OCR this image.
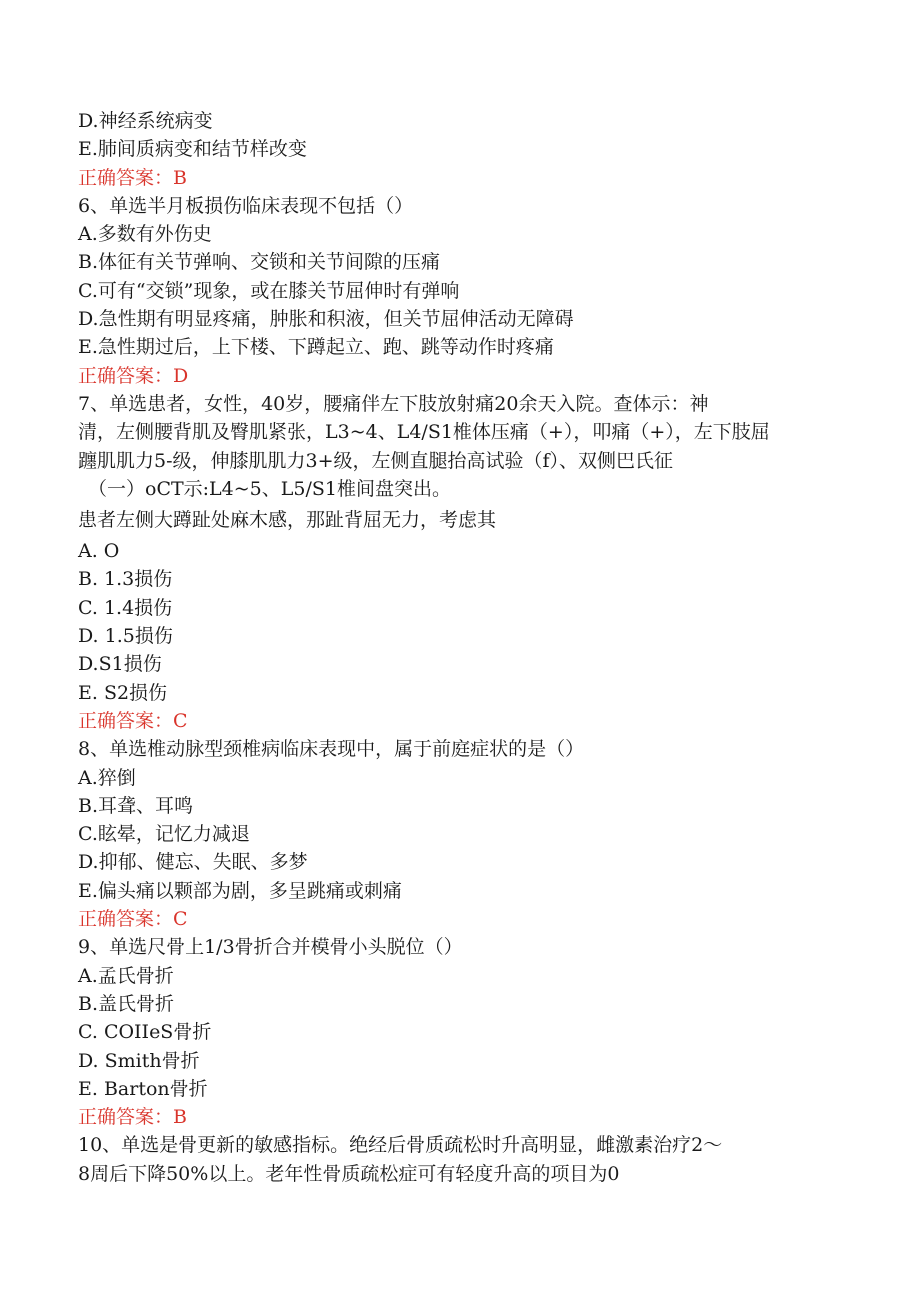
D.神经系统病变
E.肺间质病变和结节样改变
正确答案：B
6、单选半月板损伤临床表现不包括（）
A.多数有外伤史
B.体征有关节弹响、交锁和关节间隙的压痛
C.可有“交锁”现象，或在膝关节屈伸时有弹响
D.急性期有明显疼痛，肿胀和积液，但关节屈伸活动无障碍
E.急性期过后，上下楼、下蹲起立、跑、跳等动作时疼痛
正确答案：D
7、单选患者，女性，40岁，腰痛伴左下肢放射痛20余天入院。查体示：神
清，左侧腰背肌及臀肌紧张，L3~4、L4/S1椎体压痛（+），叩痛（+），左下肢屈
躔肌肌力5-级，伸膝肌肌力3+级，左侧直腿抬高试验（f）、双侧巴氏征
（一）oCT示:L4~5、L5/S1椎间盘突出。
患者左侧大蹲趾处麻木感，那趾背屈无力，考虑其
A. O
B. 1.3损伤
C. 1.4损伤
D. 1.5损伤
D.S1损伤
E. S2损伤
正确答案：C
8、单选椎动脉型颈椎病临床表现中，属于前庭症状的是（）
A.猝倒
B.耳聋、耳鸣
C.眩晕，记忆力减退
D.抑郁、健忘、失眠、多梦
E.偏头痛以颗部为剧，多呈跳痛或刺痛
正确答案：C
9、单选尺骨上1/3骨折合并模骨小头脱位（）
A.孟氏骨折
B.盖氏骨折
C. COIIeS骨折
D. Smith骨折
E. Barton骨折
正确答案：B
10、单选是骨更新的敏感指标。绝经后骨质疏松时升高明显，雌激素治疗2～
8周后下降50%以上。老年性骨质疏松症可有轻度升高的项目为0
